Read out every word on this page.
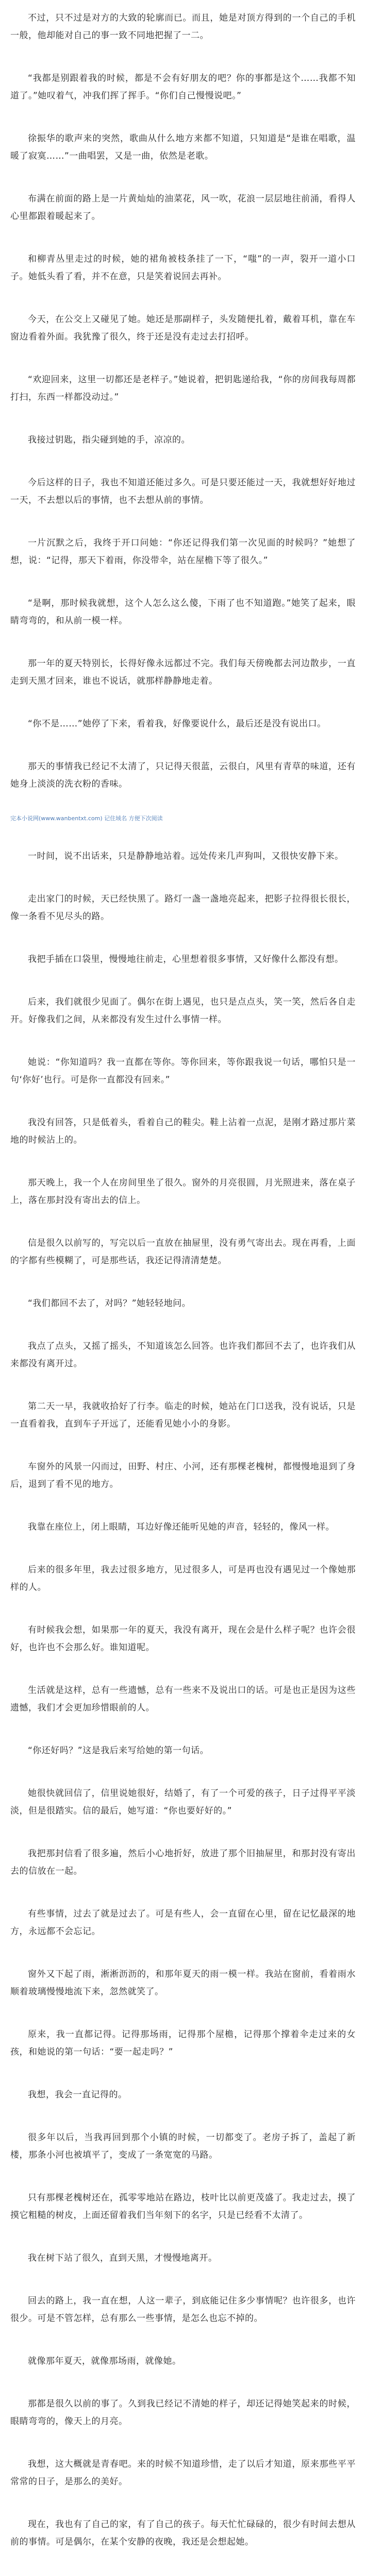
不过，只不过是对方的大致的轮廓而已。而且，她是对顶方得到的一个自己的手机一般，他却能对自己的事一致不同地把握了一二。

“我都是别跟着我的时候，都是不会有好朋友的吧？你的事都是这个……我都不知道了。”她叹着气，冲我们挥了挥手。“你们自己慢慢说吧。”

徐振华的歌声来的突然，歌曲从什么地方来都不知道，只知道是“是谁在唱歌，温暖了寂寞……”一曲唱罢，又是一曲，依然是老歌。

布满在前面的路上是一片黄灿灿的油菜花，风一吹，花浪一层层地往前涌，看得人心里都跟着暖起来了。

和柳青丛里走过的时候，她的裙角被枝条挂了一下，“嗤”的一声，裂开一道小口子。她低头看了看，并不在意，只是笑着说回去再补。

今天，在公交上又碰见了她。她还是那副样子，头发随便扎着，戴着耳机，靠在车窗边看着外面。我犹豫了很久，终于还是没有走过去打招呼。

“欢迎回来，这里一切都还是老样子。”她说着，把钥匙递给我，“你的房间我每周都打扫，东西一样都没动过。”

我接过钥匙，指尖碰到她的手，凉凉的。

今后这样的日子，我也不知道还能过多久。可是只要还能过一天，我就想好好地过一天，不去想以后的事情，也不去想从前的事情。

一片沉默之后，我终于开口问她：“你还记得我们第一次见面的时候吗？”她想了想，说：“记得，那天下着雨，你没带伞，站在屋檐下等了很久。”

“是啊，那时候我就想，这个人怎么这么傻，下雨了也不知道跑。”她笑了起来，眼睛弯弯的，和从前一模一样。

那一年的夏天特别长，长得好像永远都过不完。我们每天傍晚都去河边散步，一直走到天黑才回来，谁也不说话，就那样静静地走着。

“你不是……”她停了下来，看着我，好像要说什么，最后还是没有说出口。

那天的事情我已经记不太清了，只记得天很蓝，云很白，风里有青草的味道，还有她身上淡淡的洗衣粉的香味。

完本小说网(www.wanbentxt.com) 记住域名 方便下次阅读

一时间，说不出话来，只是静静地站着。远处传来几声狗叫，又很快安静下来。

走出家门的时候，天已经快黑了。路灯一盏一盏地亮起来，把影子拉得很长很长，像一条看不见尽头的路。

我把手插在口袋里，慢慢地往前走，心里想着很多事情，又好像什么都没有想。

后来，我们就很少见面了。偶尔在街上遇见，也只是点点头，笑一笑，然后各自走开。好像我们之间，从来都没有发生过什么事情一样。

她说：“你知道吗？我一直都在等你。等你回来，等你跟我说一句话，哪怕只是一句‘你好’也行。可是你一直都没有回来。”

我没有回答，只是低着头，看着自己的鞋尖。鞋上沾着一点泥，是刚才路过那片菜地的时候沾上的。

那天晚上，我一个人在房间里坐了很久。窗外的月亮很圆，月光照进来，落在桌子上，落在那封没有寄出去的信上。

信是很久以前写的，写完以后一直放在抽屉里，没有勇气寄出去。现在再看，上面的字都有些模糊了，可是那些话，我还记得清清楚楚。

“我们都回不去了，对吗？”她轻轻地问。

我点了点头，又摇了摇头，不知道该怎么回答。也许我们都回不去了，也许我们从来都没有离开过。

第二天一早，我就收拾好了行李。临走的时候，她站在门口送我，没有说话，只是一直看着我，直到车子开远了，还能看见她小小的身影。

车窗外的风景一闪而过，田野、村庄、小河，还有那棵老槐树，都慢慢地退到了身后，退到了看不见的地方。

我靠在座位上，闭上眼睛，耳边好像还能听见她的声音，轻轻的，像风一样。

后来的很多年里，我去过很多地方，见过很多人，可是再也没有遇见过一个像她那样的人。

有时候我会想，如果那一年的夏天，我没有离开，现在会是什么样子呢？也许会很好，也许也不会那么好。谁知道呢。

生活就是这样，总有一些遗憾，总有一些来不及说出口的话。可是也正是因为这些遗憾，我们才会更加珍惜眼前的人。

“你还好吗？”这是我后来写给她的第一句话。

她很快就回信了，信里说她很好，结婚了，有了一个可爱的孩子，日子过得平平淡淡，但是很踏实。信的最后，她写道：“你也要好好的。”

我把那封信看了很多遍，然后小心地折好，放进了那个旧抽屉里，和那封没有寄出去的信放在一起。

有些事情，过去了就是过去了。可是有些人，会一直留在心里，留在记忆最深的地方，永远都不会忘记。

窗外又下起了雨，淅淅沥沥的，和那年夏天的雨一模一样。我站在窗前，看着雨水顺着玻璃慢慢地流下来，忽然就笑了。

原来，我一直都记得。记得那场雨，记得那个屋檐，记得那个撑着伞走过来的女孩，和她说的第一句话：“要一起走吗？”

我想，我会一直记得的。

很多年以后，当我再回到那个小镇的时候，一切都变了。老房子拆了，盖起了新楼，那条小河也被填平了，变成了一条宽宽的马路。

只有那棵老槐树还在，孤零零地站在路边，枝叶比以前更茂盛了。我走过去，摸了摸它粗糙的树皮，上面还留着我们当年刻下的名字，只是已经看不太清了。

我在树下站了很久，直到天黑，才慢慢地离开。

回去的路上，我一直在想，人这一辈子，到底能记住多少事情呢？也许很多，也许很少。可是不管怎样，总有那么一些事情，是怎么也忘不掉的。

就像那年夏天，就像那场雨，就像她。

那都是很久以前的事了。久到我已经记不清她的样子，却还记得她笑起来的时候，眼睛弯弯的，像天上的月亮。

我想，这大概就是青春吧。来的时候不知道珍惜，走了以后才知道，原来那些平平常常的日子，是那么的美好。

现在，我也有了自己的家，有了自己的孩子。每天忙忙碌碌的，很少有时间去想从前的事情。可是偶尔，在某个安静的夜晚，我还是会想起她。
